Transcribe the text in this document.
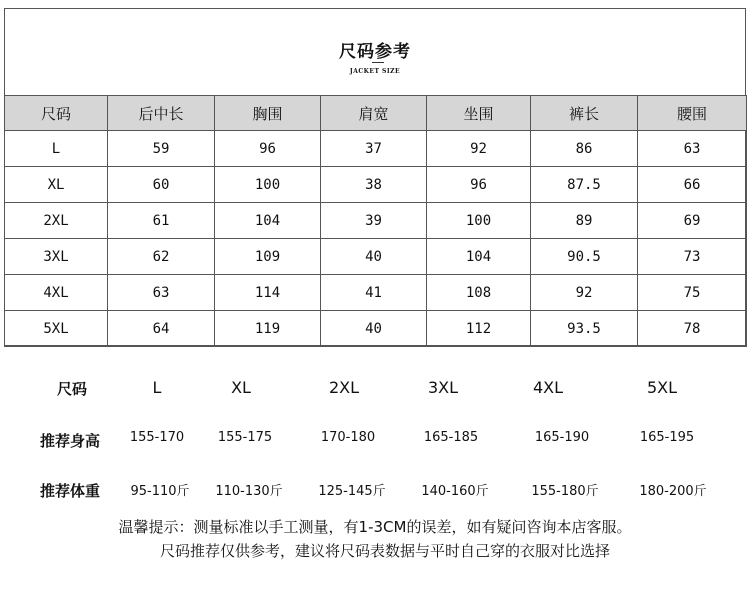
尺码参考
JACKET SIZE
尺码	后中长	胸围	肩宽	坐围	裤长	腰围
L	59	96	37	92	86	63
XL	60	100	38	96	87.5	66
2XL	61	104	39	100	89	69
3XL	62	109	40	104	90.5	73
4XL	63	114	41	108	92	75
5XL	64	119	40	112	93.5	78
尺码	L	XL	2XL	3XL	4XL	5XL
推荐身高	155-170	155-175	170-180	165-185	165-190	165-195
推荐体重	95-110斤	110-130斤	125-145斤	140-160斤	155-180斤	180-200斤
温馨提示：测量标准以手工测量，有1-3CM的误差，如有疑问咨询本店客服。
尺码推荐仅供参考，建议将尺码表数据与平时自己穿的衣服对比选择
